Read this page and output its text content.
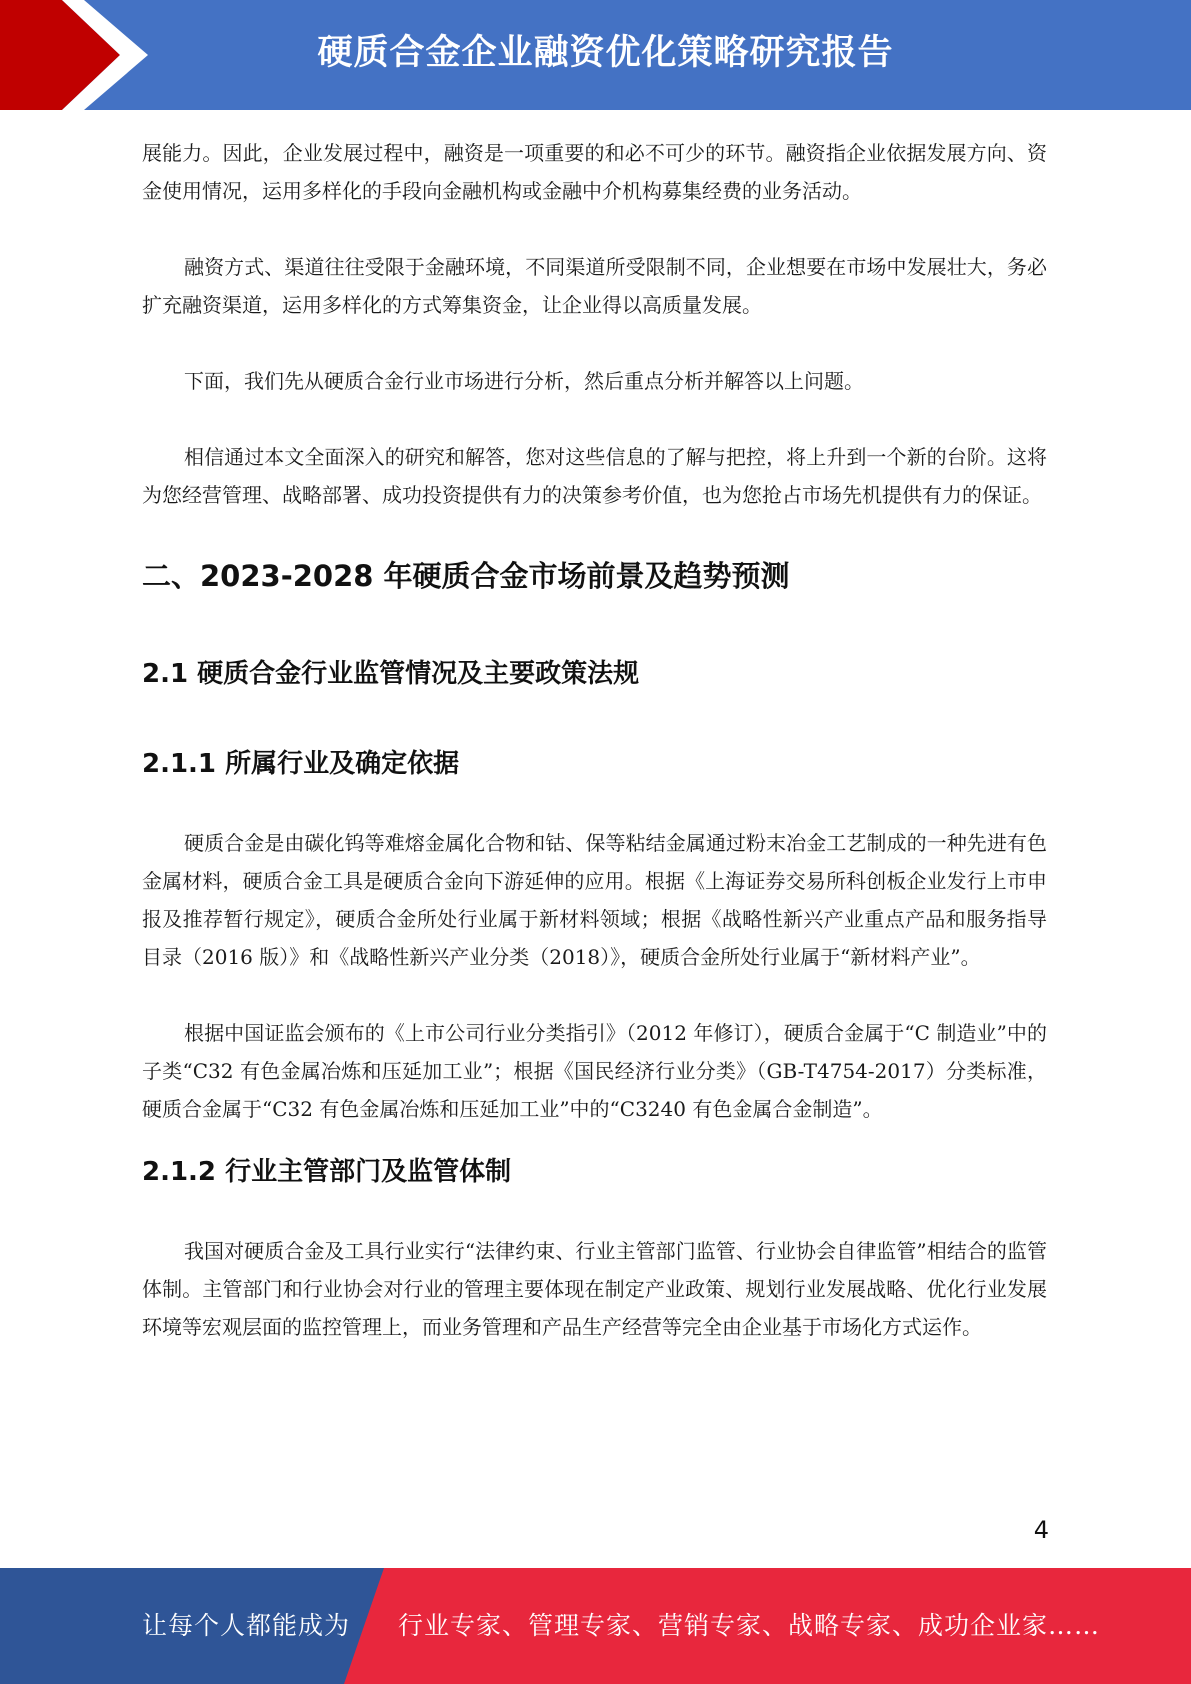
硬质合金企业融资优化策略研究报告

展能力。因此，企业发展过程中，融资是一项重要的和必不可少的环节。融资指企业依据发展方向、资金使用情况，运用多样化的手段向金融机构或金融中介机构募集经费的业务活动。

融资方式、渠道往往受限于金融环境，不同渠道所受限制不同，企业想要在市场中发展壮大，务必扩充融资渠道，运用多样化的方式筹集资金，让企业得以高质量发展。

下面，我们先从硬质合金行业市场进行分析，然后重点分析并解答以上问题。

相信通过本文全面深入的研究和解答，您对这些信息的了解与把控，将上升到一个新的台阶。这将为您经营管理、战略部署、成功投资提供有力的决策参考价值，也为您抢占市场先机提供有力的保证。

二、2023-2028 年硬质合金市场前景及趋势预测
2.1 硬质合金行业监管情况及主要政策法规
2.1.1 所属行业及确定依据

硬质合金是由碳化钨等难熔金属化合物和钴、保等粘结金属通过粉末冶金工艺制成的一种先进有色金属材料，硬质合金工具是硬质合金向下游延伸的应用。根据《上海证券交易所科创板企业发行上市申报及推荐暂行规定》，硬质合金所处行业属于新材料领域；根据《战略性新兴产业重点产品和服务指导目录（2016 版）》和《战略性新兴产业分类（2018）》，硬质合金所处行业属于“新材料产业”。

根据中国证监会颁布的《上市公司行业分类指引》（2012 年修订），硬质合金属于“C 制造业”中的子类“C32 有色金属冶炼和压延加工业”；根据《国民经济行业分类》（GB-T4754-2017）分类标准，硬质合金属于“C32 有色金属冶炼和压延加工业”中的“C3240 有色金属合金制造”。

2.1.2 行业主管部门及监管体制

我国对硬质合金及工具行业实行“法律约束、行业主管部门监管、行业协会自律监管”相结合的监管体制。主管部门和行业协会对行业的管理主要体现在制定产业政策、规划行业发展战略、优化行业发展环境等宏观层面的监控管理上，而业务管理和产品生产经营等完全由企业基于市场化方式运作。

4
让每个人都能成为 行业专家、管理专家、营销专家、战略专家、成功企业家……
